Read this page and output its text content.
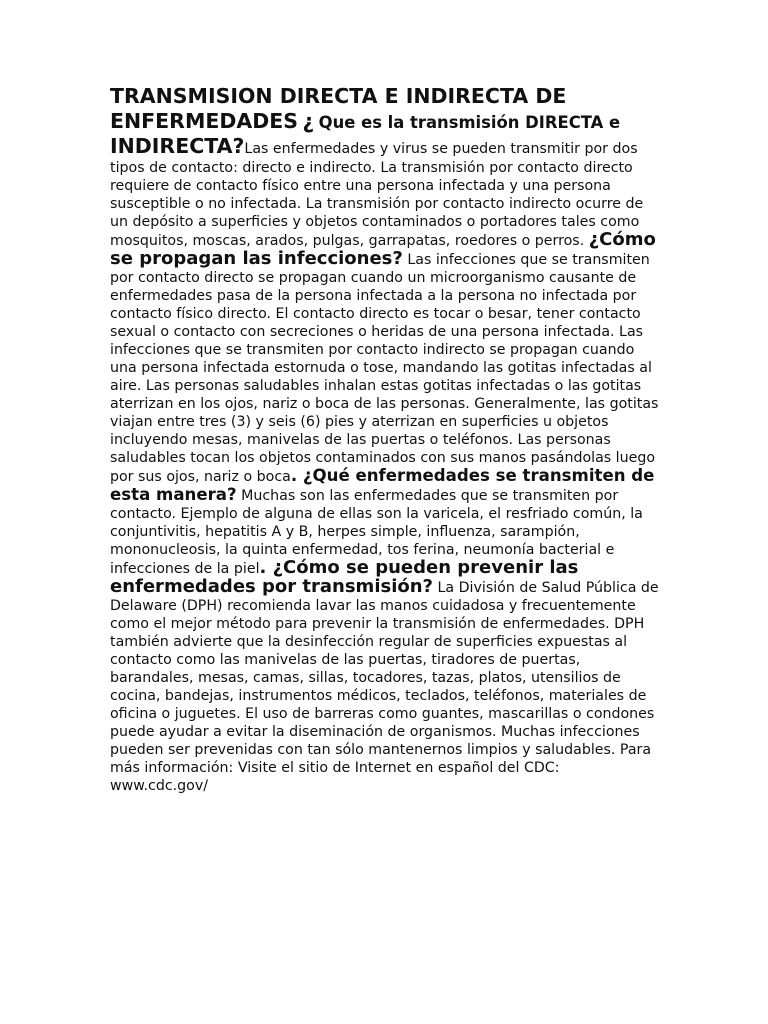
TRANSMISION DIRECTA E INDIRECTA DE
ENFERMEDADES ¿ Que es la transmisión DIRECTA e
INDIRECTA?Las enfermedades y virus se pueden transmitir por dos tipos de contacto: directo e indirecto. La transmisión por contacto directo requiere de contacto físico entre una persona infectada y una persona susceptible o no infectada. La transmisión por contacto indirecto ocurre de un depósito a superficies y objetos contaminados o portadores tales como mosquitos, moscas, arados, pulgas, garrapatas, roedores o perros. ¿Cómo se propagan las infecciones? Las infecciones que se transmiten por contacto directo se propagan cuando un microorganismo causante de enfermedades pasa de la persona infectada a la persona no infectada por contacto físico directo. El contacto directo es tocar o besar, tener contacto sexual o contacto con secreciones o heridas de una persona infectada. Las infecciones que se transmiten por contacto indirecto se propagan cuando una persona infectada estornuda o tose, mandando las gotitas infectadas al aire. Las personas saludables inhalan estas gotitas infectadas o las gotitas aterrizan en los ojos, nariz o boca de las personas. Generalmente, las gotitas viajan entre tres (3) y seis (6) pies y aterrizan en superficies u objetos incluyendo mesas, manivelas de las puertas o teléfonos. Las personas saludables tocan los objetos contaminados con sus manos pasándolas luego por sus ojos, nariz o boca. ¿Qué enfermedades se transmiten de esta manera? Muchas son las enfermedades que se transmiten por contacto. Ejemplo de alguna de ellas son la varicela, el resfriado común, la conjuntivitis, hepatitis A y B, herpes simple, influenza, sarampión, mononucleosis, la quinta enfermedad, tos ferina, neumonía bacterial e infecciones de la piel. ¿Cómo se pueden prevenir las enfermedades por transmisión? La División de Salud Pública de Delaware (DPH) recomienda lavar las manos cuidadosa y frecuentemente como el mejor método para prevenir la transmisión de enfermedades. DPH también advierte que la desinfección regular de superficies expuestas al contacto como las manivelas de las puertas, tiradores de puertas, barandales, mesas, camas, sillas, tocadores, tazas, platos, utensilios de cocina, bandejas, instrumentos médicos, teclados, teléfonos, materiales de oficina o juguetes. El uso de barreras como guantes, mascarillas o condones puede ayudar a evitar la diseminación de organismos. Muchas infecciones pueden ser prevenidas con tan sólo mantenernos limpios y saludables. Para más información: Visite el sitio de Internet en español del CDC: www.cdc.gov/
